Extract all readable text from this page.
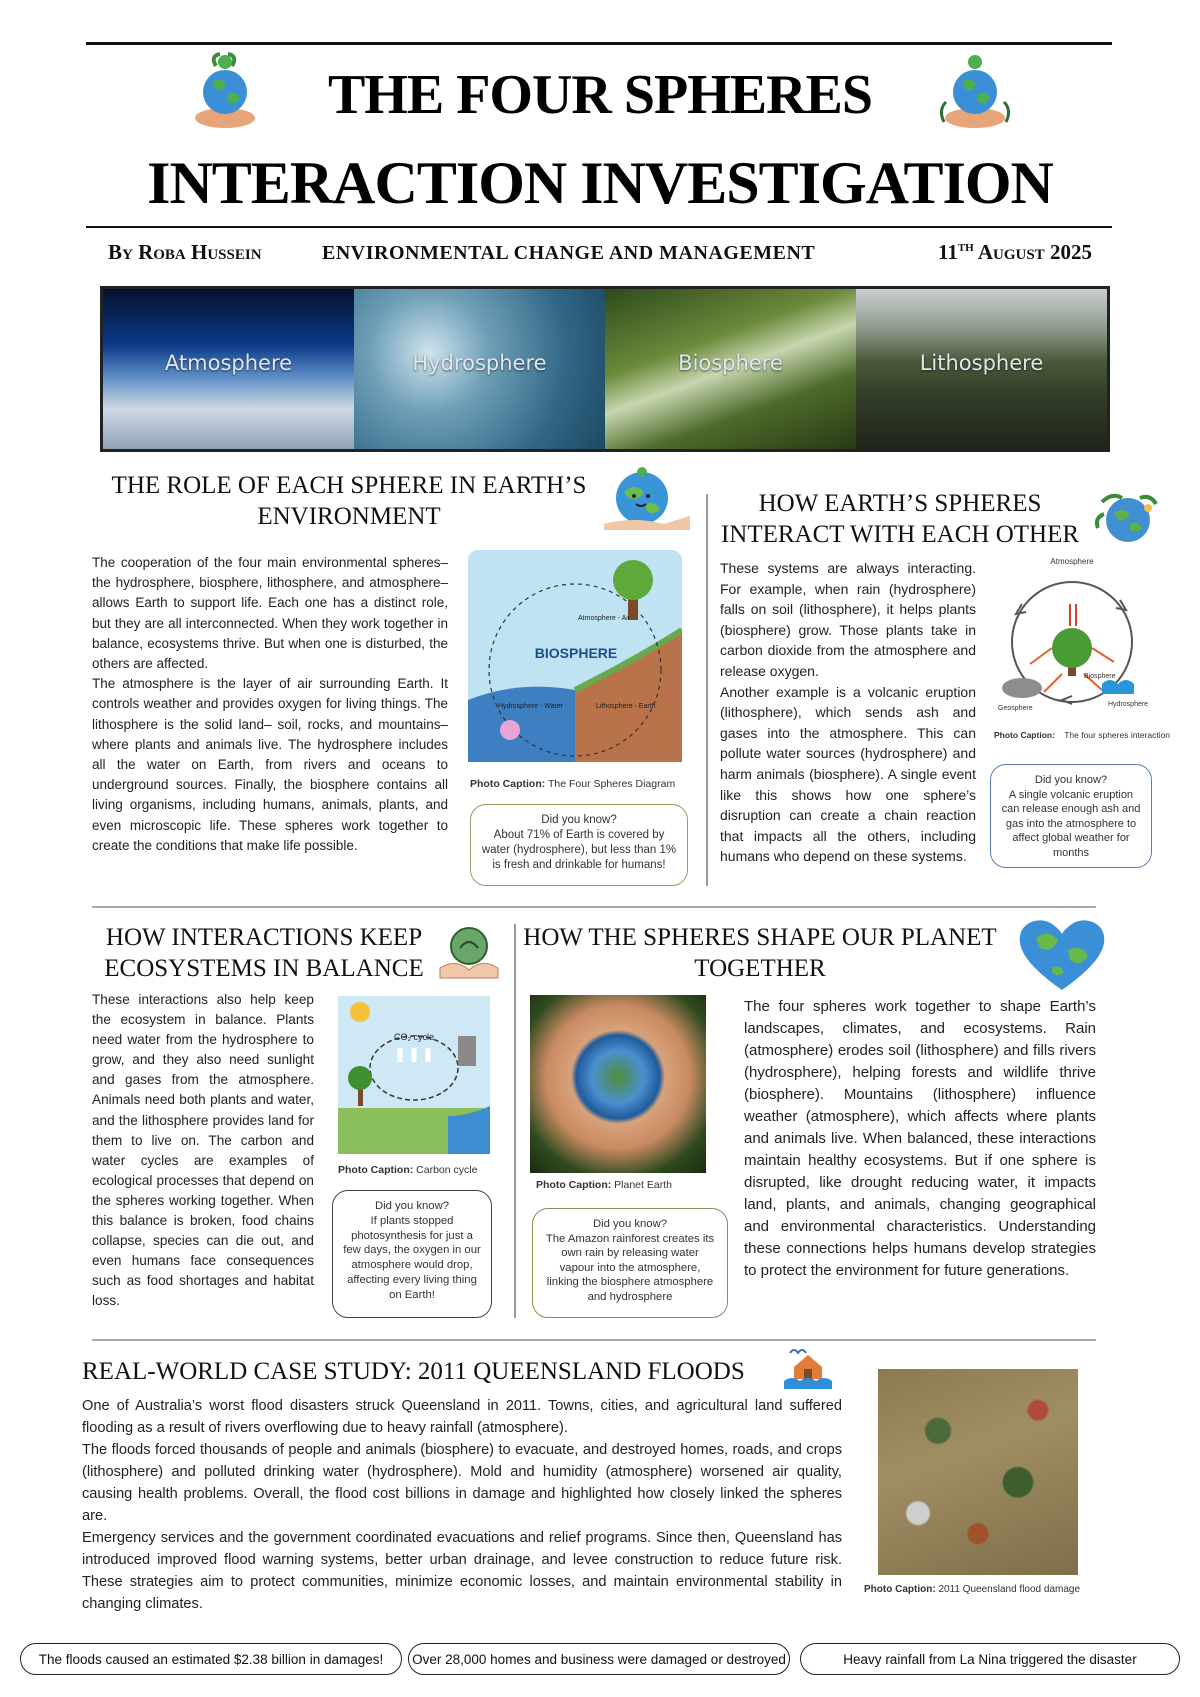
THE FOUR SPHERES
INTERACTION INVESTIGATION
By Roba Hussein	ENVIRONMENTAL CHANGE AND MANAGEMENT	11TH August 2025
Atmosphere	Hydrosphere	Biosphere	Lithosphere
THE ROLE OF EACH SPHERE IN EARTH’S ENVIRONMENT

The cooperation of the four main environmental spheres– the hydrosphere, biosphere, lithosphere, and atmosphere– allows Earth to support life. Each one has a distinct role, but they are all interconnected. When they work together in balance, ecosystems thrive. But when one is disturbed, the others are affected.

The atmosphere is the layer of air surrounding Earth. It controls weather and provides oxygen for living things. The lithosphere is the solid land– soil, rocks, and mountains– where plants and animals live. The hydrosphere includes all the water on Earth, from rivers and oceans to underground sources. Finally, the biosphere contains all living organisms, including humans, animals, plants, and even microscopic life. These spheres work together to create the conditions that make life possible.

BIOSPHERE
Atmosphere - Air
Hydrosphere - Water	Lithosphere - Earth
Photo Caption: The Four Spheres Diagram
Did you know?
About 71% of Earth is covered by water (hydrosphere), but less than 1% is fresh and drinkable for humans!
HOW EARTH’S SPHERES INTERACT WITH EACH OTHER

These systems are always interacting. For example, when rain (hydrosphere) falls on soil (lithosphere), it helps plants (biosphere) grow. Those plants take in carbon dioxide from the atmosphere and release oxygen.

Another example is a volcanic eruption (lithosphere), which sends ash and gases into the atmosphere. This can pollute water sources (hydrosphere) and harm animals (biosphere). A single event like this shows how one sphere’s disruption can create a chain reaction that impacts all the others, including humans who depend on these systems.

Atmosphere
Biosphere
Geosphere
Hydrosphere
Photo Caption: The four spheres interaction
Did you know?
A single volcanic eruption can release enough ash and gas into the atmosphere to affect global weather for months
HOW INTERACTIONS KEEP ECOSYSTEMS IN BALANCE

These interactions also help keep the ecosystem in balance. Plants need water from the hydrosphere to grow, and they also need sunlight and gases from the atmosphere. Animals need both plants and water, and the lithosphere provides land for them to live on. The carbon and water cycles are examples of ecological processes that depend on the spheres working together. When this balance is broken, food chains collapse, species can die out, and even humans face consequences such as food shortages and habitat loss.

CO₂ cycle
Photo Caption: Carbon cycle
Did you know?
If plants stopped photosynthesis for just a few days, the oxygen in our atmosphere would drop, affecting every living thing on Earth!
HOW THE SPHERES SHAPE OUR PLANET TOGETHER
Photo Caption: Planet Earth
Did you know?
The Amazon rainforest creates its own rain by releasing water vapour into the atmosphere, linking the biosphere atmosphere and hydrosphere

The four spheres work together to shape Earth’s landscapes, climates, and ecosystems. Rain (atmosphere) erodes soil (lithosphere) and fills rivers (hydrosphere), helping forests and wildlife thrive (biosphere). Mountains (lithosphere) influence weather (atmosphere), which affects where plants and animals live. When balanced, these interactions maintain healthy ecosystems. But if one sphere is disrupted, like drought reducing water, it impacts land, plants, and animals, changing geographical and environmental characteristics. Understanding these connections helps humans develop strategies to protect the environment for future generations.

REAL-WORLD CASE STUDY: 2011 QUEENSLAND FLOODS

One of Australia’s worst flood disasters struck Queensland in 2011. Towns, cities, and agricultural land suffered flooding as a result of rivers overflowing due to heavy rainfall (atmosphere).

The floods forced thousands of people and animals (biosphere) to evacuate, and destroyed homes, roads, and crops (lithosphere) and polluted drinking water (hydrosphere). Mold and humidity (atmosphere) worsened air quality, causing health problems. Overall, the flood cost billions in damage and highlighted how closely linked the spheres are.

Emergency services and the government coordinated evacuations and relief programs. Since then, Queensland has introduced improved flood warning systems, better urban drainage, and levee construction to reduce future risk. These strategies aim to protect communities, minimize economic losses, and maintain environmental stability in changing climates.

Photo Caption: 2011 Queensland flood damage
The floods caused an estimated $2.38 billion in damages!	Over 28,000 homes and business were damaged or destroyed	Heavy rainfall from La Nina triggered the disaster
